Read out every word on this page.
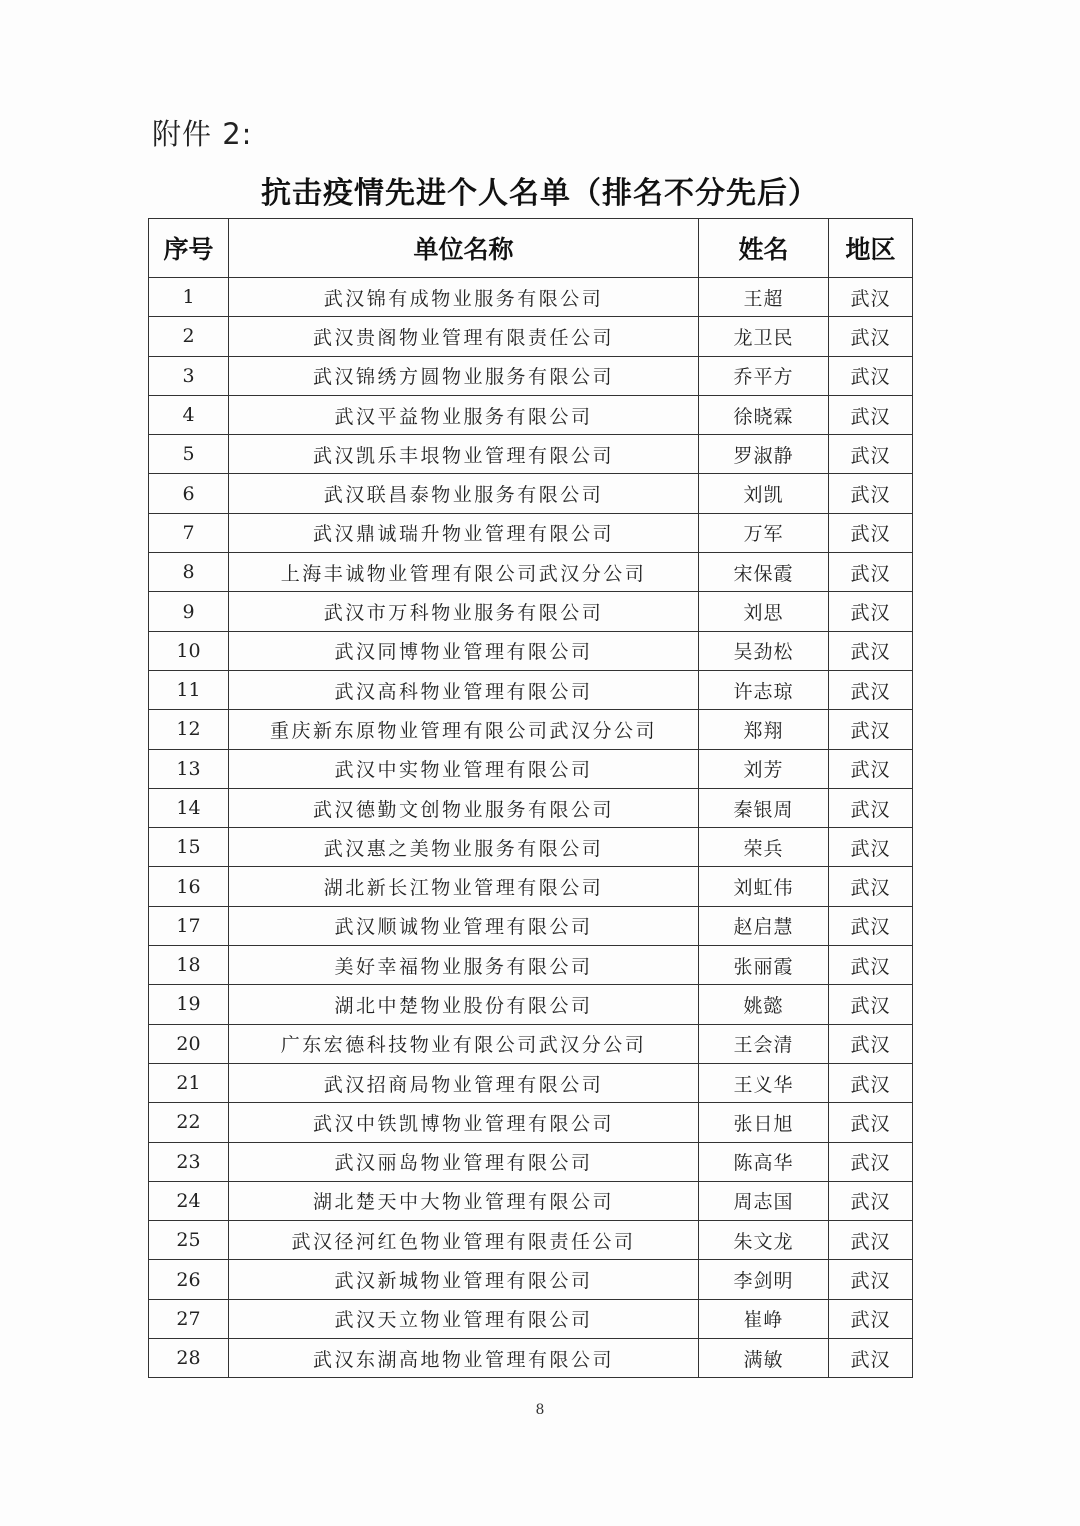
附件 2:
抗击疫情先进个人名单（排名不分先后）
序号	单位名称	姓名	地区
1	武汉锦有成物业服务有限公司	王超	武汉
2	武汉贵阁物业管理有限责任公司	龙卫民	武汉
3	武汉锦绣方圆物业服务有限公司	乔平方	武汉
4	武汉平益物业服务有限公司	徐晓霖	武汉
5	武汉凯乐丰垠物业管理有限公司	罗淑静	武汉
6	武汉联昌泰物业服务有限公司	刘凯	武汉
7	武汉鼎诚瑞升物业管理有限公司	万军	武汉
8	上海丰诚物业管理有限公司武汉分公司	宋保霞	武汉
9	武汉市万科物业服务有限公司	刘思	武汉
10	武汉同博物业管理有限公司	吴劲松	武汉
11	武汉高科物业管理有限公司	许志琼	武汉
12	重庆新东原物业管理有限公司武汉分公司	郑翔	武汉
13	武汉中实物业管理有限公司	刘芳	武汉
14	武汉德勤文创物业服务有限公司	秦银周	武汉
15	武汉惠之美物业服务有限公司	荣兵	武汉
16	湖北新长江物业管理有限公司	刘虹伟	武汉
17	武汉顺诚物业管理有限公司	赵启慧	武汉
18	美好幸福物业服务有限公司	张丽霞	武汉
19	湖北中楚物业股份有限公司	姚懿	武汉
20	广东宏德科技物业有限公司武汉分公司	王会清	武汉
21	武汉招商局物业管理有限公司	王义华	武汉
22	武汉中铁凯博物业管理有限公司	张日旭	武汉
23	武汉丽岛物业管理有限公司	陈高华	武汉
24	湖北楚天中大物业管理有限公司	周志国	武汉
25	武汉径河红色物业管理有限责任公司	朱文龙	武汉
26	武汉新城物业管理有限公司	李剑明	武汉
27	武汉天立物业管理有限公司	崔峥	武汉
28	武汉东湖高地物业管理有限公司	满敏	武汉
8
